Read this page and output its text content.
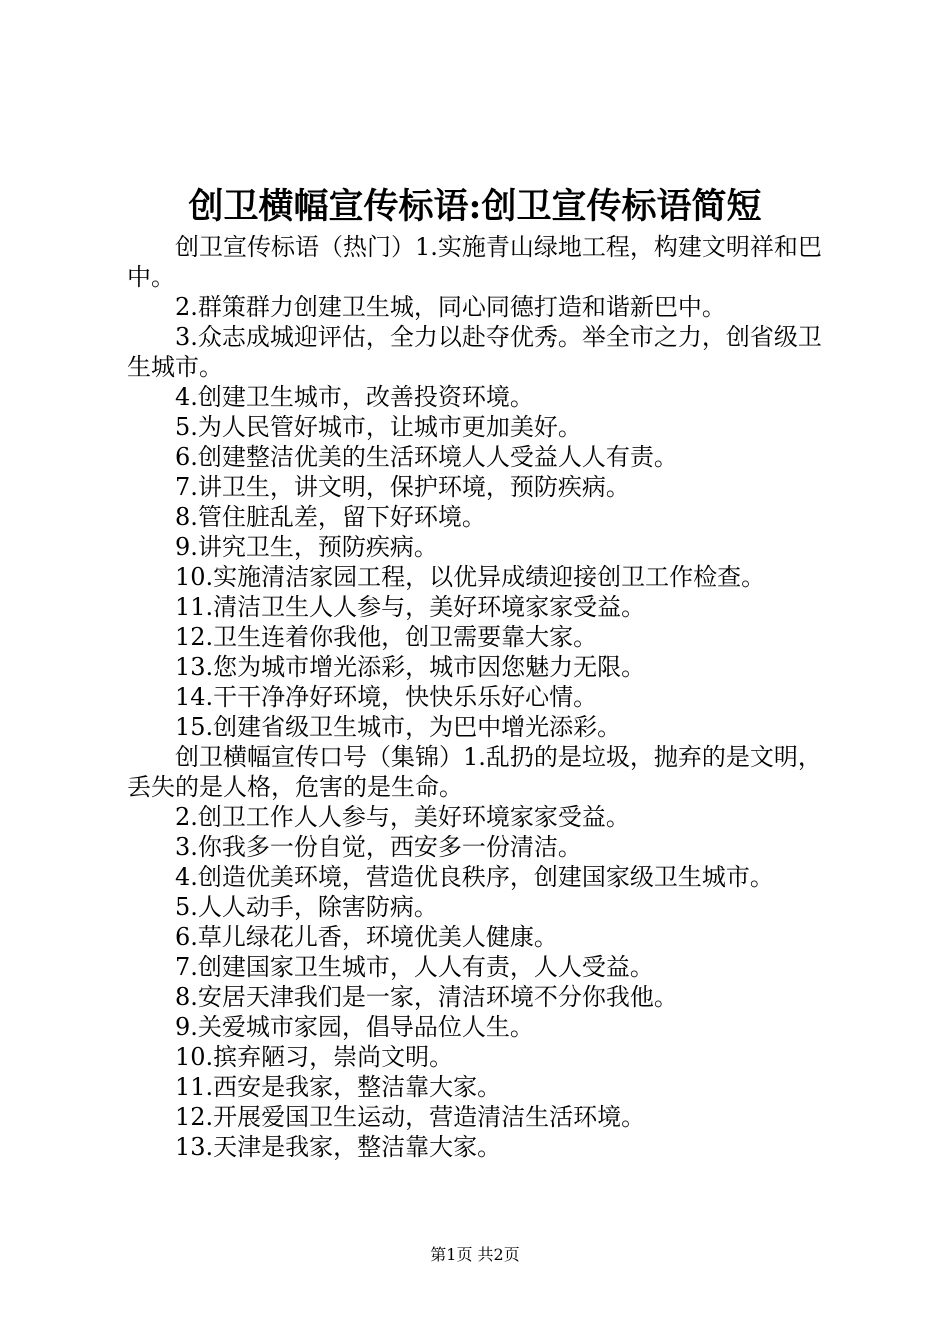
创卫横幅宣传标语:创卫宣传标语简短

创卫宣传标语（热门）1.实施青山绿地工程，构建文明祥和巴中。

2.群策群力创建卫生城，同心同德打造和谐新巴中。

3.众志成城迎评估，全力以赴夺优秀。举全市之力，创省级卫生城市。

4.创建卫生城市，改善投资环境。

5.为人民管好城市，让城市更加美好。

6.创建整洁优美的生活环境人人受益人人有责。

7.讲卫生，讲文明，保护环境，预防疾病。

8.管住脏乱差，留下好环境。

9.讲究卫生，预防疾病。

10.实施清洁家园工程，以优异成绩迎接创卫工作检查。

11.清洁卫生人人参与，美好环境家家受益。

12.卫生连着你我他，创卫需要靠大家。

13.您为城市增光添彩，城市因您魅力无限。

14.干干净净好环境，快快乐乐好心情。

15.创建省级卫生城市，为巴中增光添彩。

创卫横幅宣传口号（集锦）1.乱扔的是垃圾，抛弃的是文明，丢失的是人格，危害的是生命。

2.创卫工作人人参与，美好环境家家受益。

3.你我多一份自觉，西安多一份清洁。

4.创造优美环境，营造优良秩序，创建国家级卫生城市。

5.人人动手，除害防病。

6.草儿绿花儿香，环境优美人健康。

7.创建国家卫生城市，人人有责，人人受益。

8.安居天津我们是一家，清洁环境不分你我他。

9.关爱城市家园，倡导品位人生。

10.摈弃陋习，崇尚文明。

11.西安是我家，整洁靠大家。

12.开展爱国卫生运动，营造清洁生活环境。

13.天津是我家，整洁靠大家。

第1页 共2页
